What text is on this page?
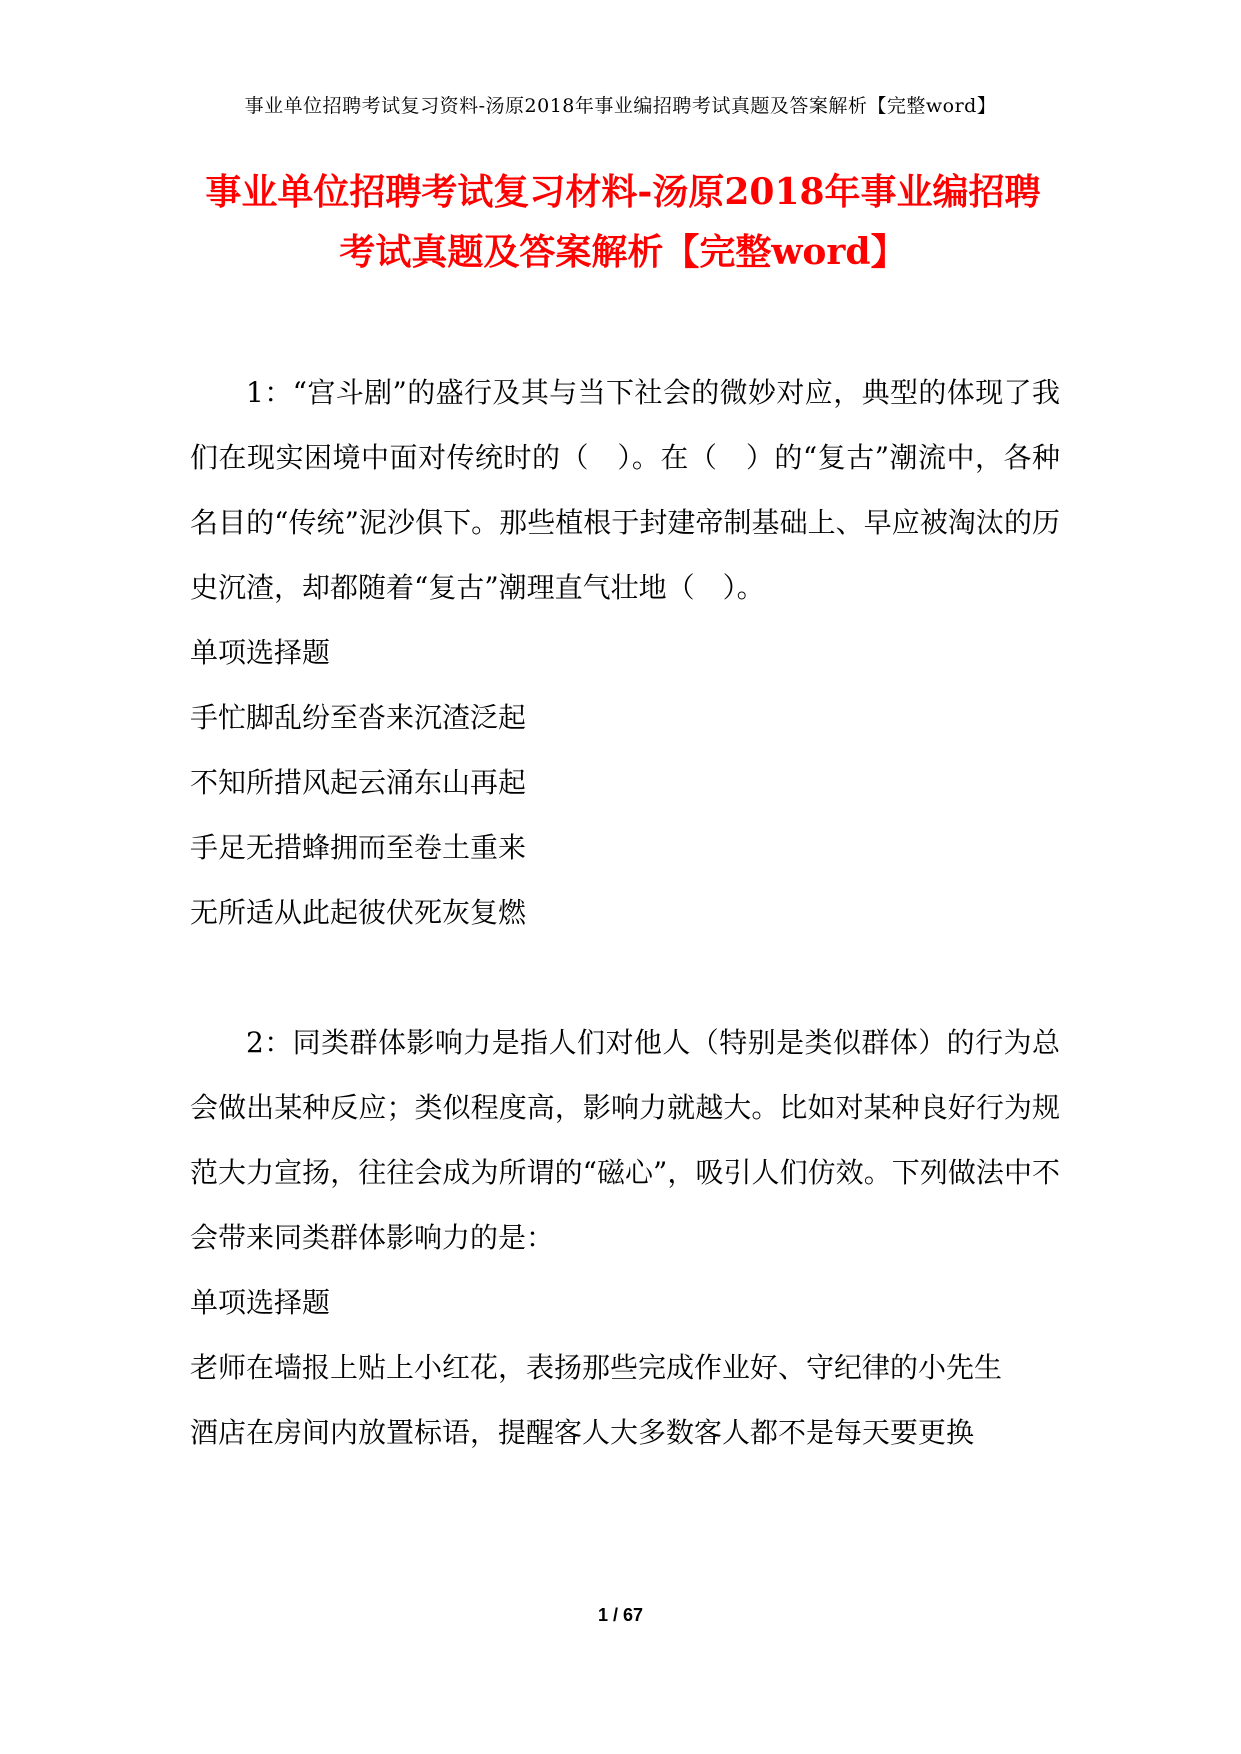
事业单位招聘考试复习资料-汤原2018年事业编招聘考试真题及答案解析【完整word】
事业单位招聘考试复习材料-汤原2018年事业编招聘
考试真题及答案解析【完整word】

1：“宫斗剧”的盛行及其与当下社会的微妙对应，典型的体现了我们在现实困境中面对传统时的（　）。在（　）的“复古”潮流中，各种名目的“传统”泥沙俱下。那些植根于封建帝制基础上、早应被淘汰的历史沉渣，却都随着“复古”潮理直气壮地（　）。

单项选择题

手忙脚乱纷至沓来沉渣泛起

不知所措风起云涌东山再起

手足无措蜂拥而至卷土重来

无所适从此起彼伏死灰复燃

2：同类群体影响力是指人们对他人（特别是类似群体）的行为总会做出某种反应；类似程度高，影响力就越大。比如对某种良好行为规范大力宣扬，往往会成为所谓的“磁心”，吸引人们仿效。下列做法中不会带来同类群体影响力的是：

单项选择题

老师在墙报上贴上小红花，表扬那些完成作业好、守纪律的小先生

酒店在房间内放置标语，提醒客人大多数客人都不是每天要更换

1 / 67
